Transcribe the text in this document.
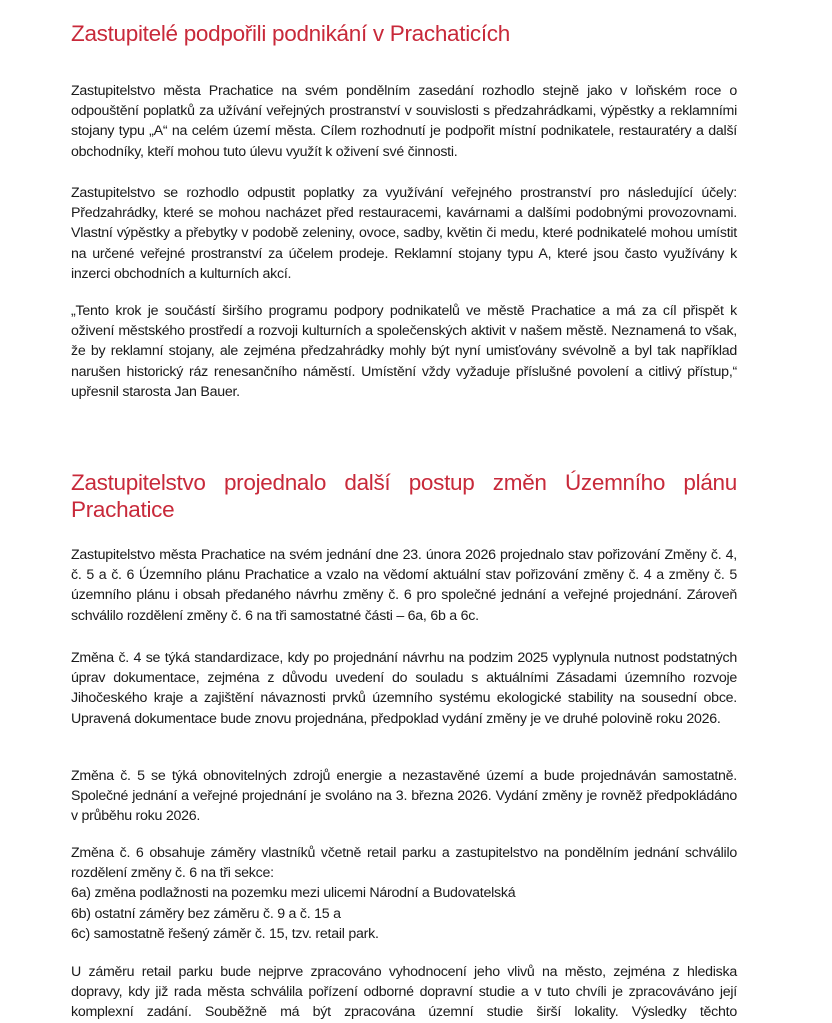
Zastupitelé podpořili podnikání v Prachaticích

Zastupitelstvo města Prachatice na svém pondělním zasedání rozhodlo stejně jako v loňském roce o odpouštění poplatků za užívání veřejných prostranství v souvislosti s předzahrádkami, výpěstky a reklamními stojany typu „A“ na celém území města. Cílem rozhodnutí je podpořit místní podnikatele, restauratéry a další obchodníky, kteří mohou tuto úlevu využít k oživení své činnosti.

Zastupitelstvo se rozhodlo odpustit poplatky za využívání veřejného prostranství pro následující účely: Předzahrádky, které se mohou nacházet před restauracemi, kavárnami a dalšími podobnými provozovnami. Vlastní výpěstky a přebytky v podobě zeleniny, ovoce, sadby, květin či medu, které podnikatelé mohou umístit na určené veřejné prostranství za účelem prodeje. Reklamní stojany typu A, které jsou často využívány k inzerci obchodních a kulturních akcí.

„Tento krok je součástí širšího programu podpory podnikatelů ve městě Prachatice a má za cíl přispět k oživení městského prostředí a rozvoji kulturních a společenských aktivit v našem městě. Neznamená to však, že by reklamní stojany, ale zejména předzahrádky mohly být nyní umisťovány svévolně a byl tak například narušen historický ráz renesančního náměstí. Umístění vždy vyžaduje příslušné povolení a citlivý přístup,“ upřesnil starosta Jan Bauer.

Zastupitelstvo projednalo další postup změn Územního plánu Prachatice

Zastupitelstvo města Prachatice na svém jednání dne 23. února 2026 projednalo stav pořizování Změny č. 4, č. 5 a č. 6 Územního plánu Prachatice a vzalo na vědomí aktuální stav pořizování změny č. 4 a změny č. 5 územního plánu i obsah předaného návrhu změny č. 6 pro společné jednání a veřejné projednání. Zároveň schválilo rozdělení změny č. 6 na tři samostatné části – 6a, 6b a 6c.

Změna č. 4 se týká standardizace, kdy po projednání návrhu na podzim 2025 vyplynula nutnost podstatných úprav dokumentace, zejména z důvodu uvedení do souladu s aktuálními Zásadami územního rozvoje Jihočeského kraje a zajištění návaznosti prvků územního systému ekologické stability na sousední obce. Upravená dokumentace bude znovu projednána, předpoklad vydání změny je ve druhé polovině roku 2026.

Změna č. 5 se týká obnovitelných zdrojů energie a nezastavěné území a bude projednáván samostatně. Společné jednání a veřejné projednání je svoláno na 3. března 2026. Vydání změny je rovněž předpokládáno v průběhu roku 2026.

Změna č. 6 obsahuje záměry vlastníků včetně retail parku a zastupitelstvo na pondělním jednání schválilo rozdělení změny č. 6 na tři sekce:
6a) změna podlažnosti na pozemku mezi ulicemi Národní a Budovatelská
6b) ostatní záměry bez záměru č. 9 a č. 15 a
6c) samostatně řešený záměr č. 15, tzv. retail park.

U záměru retail parku bude nejprve zpracováno vyhodnocení jeho vlivů na město, zejména z hlediska dopravy, kdy již rada města schválila pořízení odborné dopravní studie a v tuto chvíli je zpracováváno její komplexní zadání. Souběžně má být zpracována územní studie širší lokality. Výsledky těchto
